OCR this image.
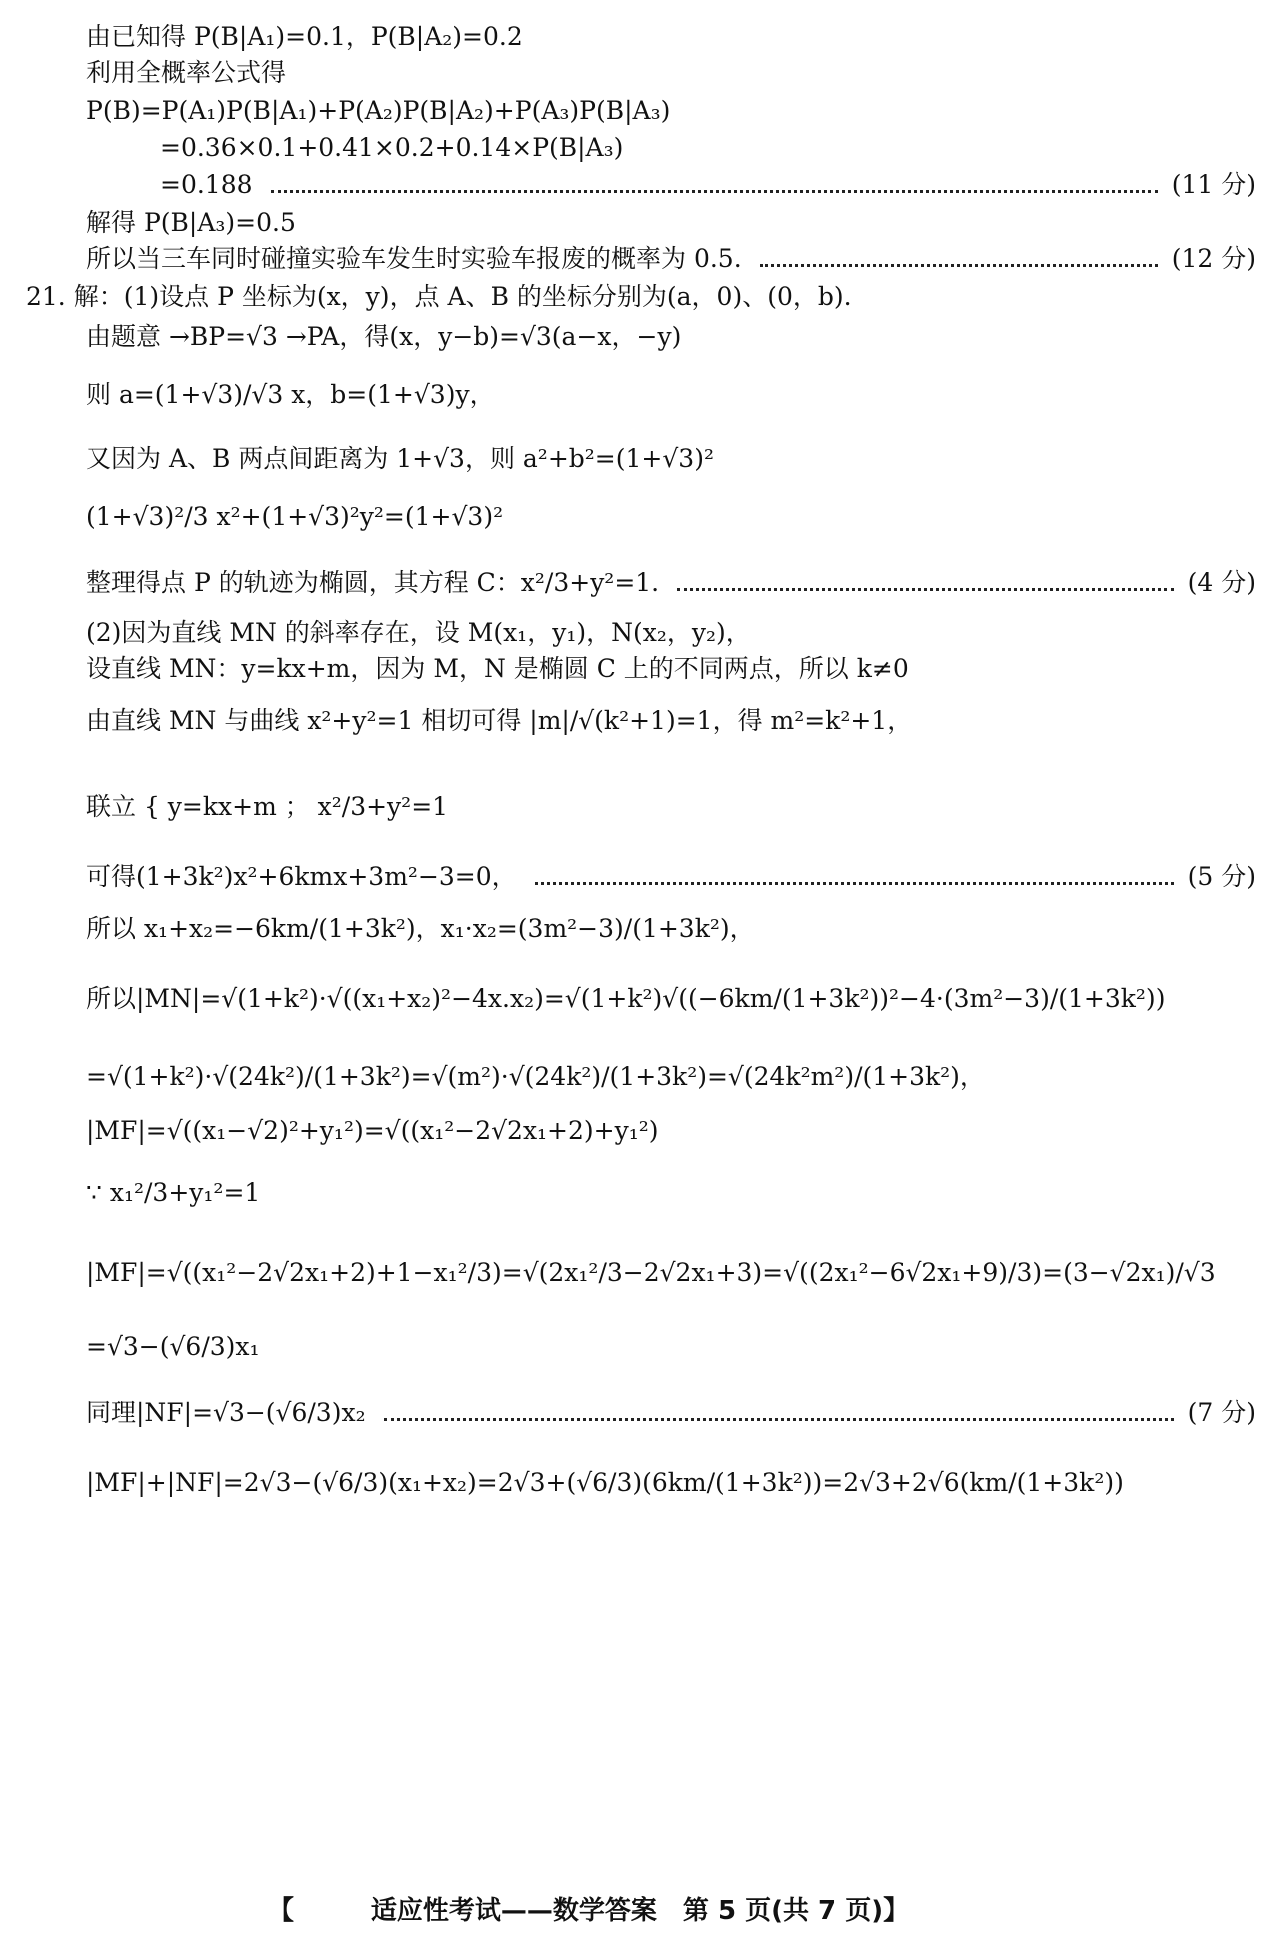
由已知得 P(B|A₁)=0.1，P(B|A₂)=0.2
利用全概率公式得
P(B)=P(A₁)P(B|A₁)+P(A₂)P(B|A₂)+P(A₃)P(B|A₃)
=0.36×0.1+0.41×0.2+0.14×P(B|A₃)
=0.188	(11 分)
解得 P(B|A₃)=0.5
所以当三车同时碰撞实验车发生时实验车报废的概率为 0.5.	(12 分)
21. 解：(1)设点 P 坐标为(x，y)，点 A、B 的坐标分别为(a，0)、(0，b).
由题意 →BP=√3 →PA，得(x，y−b)=√3(a−x，−y)
则 a=(1+√3)/√3 x，b=(1+√3)y，
又因为 A、B 两点间距离为 1+√3，则 a²+b²=(1+√3)²
(1+√3)²/3 x²+(1+√3)²y²=(1+√3)²
整理得点 P 的轨迹为椭圆，其方程 C：x²/3+y²=1.	(4 分)
(2)因为直线 MN 的斜率存在，设 M(x₁，y₁)，N(x₂，y₂)，
设直线 MN：y=kx+m，因为 M，N 是椭圆 C 上的不同两点，所以 k≠0
由直线 MN 与曲线 x²+y²=1 相切可得 |m|/√(k²+1)=1，得 m²=k²+1，
联立 { y=kx+m ； x²/3+y²=1
可得(1+3k²)x²+6kmx+3m²−3=0，	(5 分)
所以 x₁+x₂=−6km/(1+3k²)，x₁·x₂=(3m²−3)/(1+3k²)，
所以|MN|=√(1+k²)·√((x₁+x₂)²−4x.x₂)=√(1+k²)√((−6km/(1+3k²))²−4·(3m²−3)/(1+3k²))
=√(1+k²)·√(24k²)/(1+3k²)=√(m²)·√(24k²)/(1+3k²)=√(24k²m²)/(1+3k²)，
|MF|=√((x₁−√2)²+y₁²)=√((x₁²−2√2x₁+2)+y₁²)
∵ x₁²/3+y₁²=1
|MF|=√((x₁²−2√2x₁+2)+1−x₁²/3)=√(2x₁²/3−2√2x₁+3)=√((2x₁²−6√2x₁+9)/3)=(3−√2x₁)/√3
=√3−(√6/3)x₁
同理|NF|=√3−(√6/3)x₂	(7 分)
|MF|+|NF|=2√3−(√6/3)(x₁+x₂)=2√3+(√6/3)(6km/(1+3k²))=2√3+2√6(km/(1+3k²))
【	适应性考试——数学答案　第 5 页(共 7 页)】
